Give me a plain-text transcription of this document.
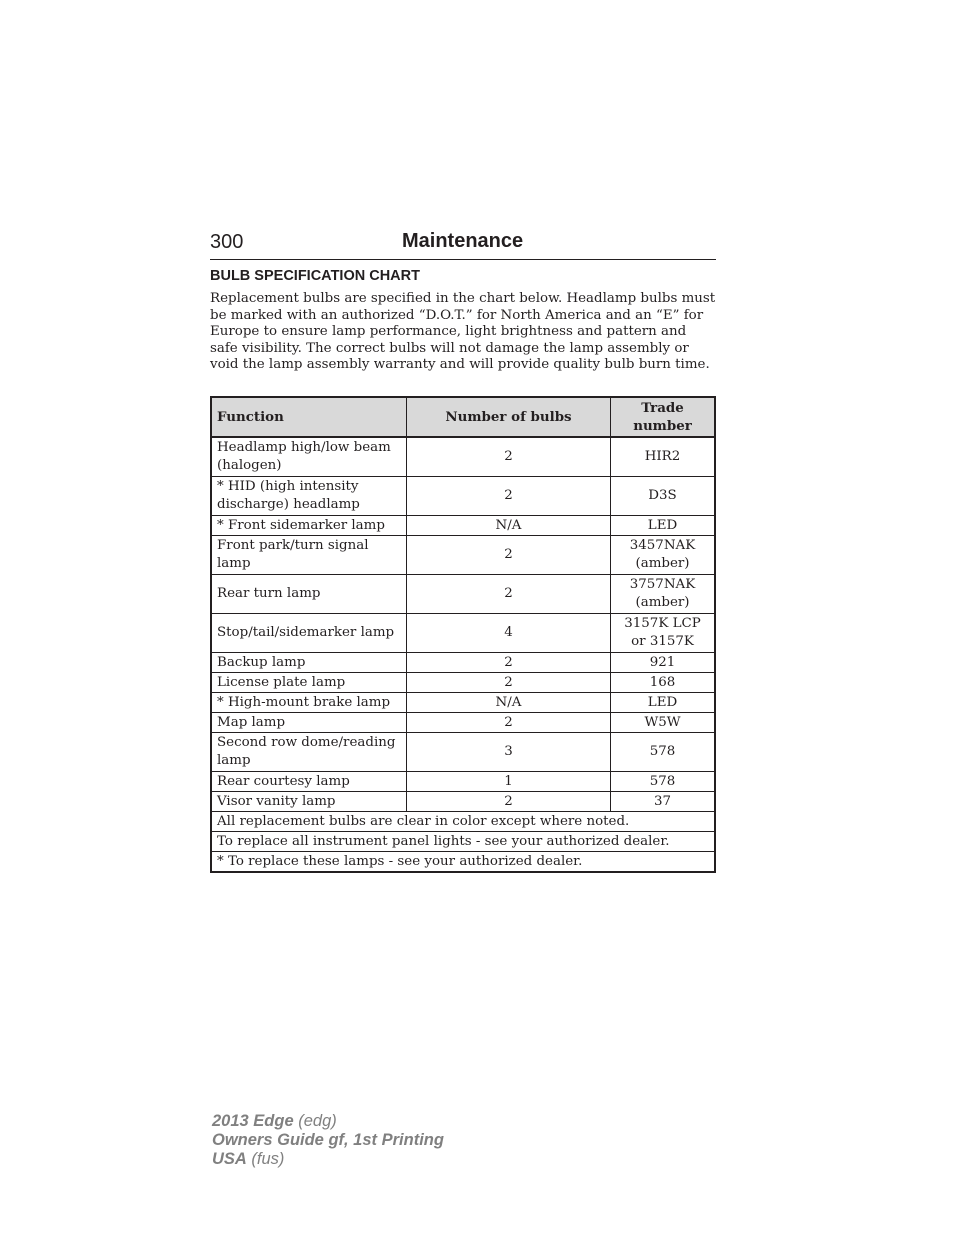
300	Maintenance
BULB SPECIFICATION CHART

Replacement bulbs are specified in the chart below. Headlamp bulbs must be marked with an authorized “D.O.T.” for North America and an “E” for Europe to ensure lamp performance, light brightness and pattern and safe visibility. The correct bulbs will not damage the lamp assembly or void the lamp assembly warranty and will provide quality bulb burn time.

Function	Number of bulbs	Trade number
Headlamp high/low beam (halogen)	2	HIR2
* HID (high intensity discharge) headlamp	2	D3S
* Front sidemarker lamp	N/A	LED
Front park/turn signal lamp	2	3457NAK (amber)
Rear turn lamp	2	3757NAK (amber)
Stop/tail/sidemarker lamp	4	3157K LCP or 3157K
Backup lamp	2	921
License plate lamp	2	168
* High-mount brake lamp	N/A	LED
Map lamp	2	W5W
Second row dome/reading lamp	3	578
Rear courtesy lamp	1	578
Visor vanity lamp	2	37
All replacement bulbs are clear in color except where noted.		
To replace all instrument panel lights - see your authorized dealer.		
* To replace these lamps - see your authorized dealer.		
2013 Edge (edg)
Owners Guide gf, 1st Printing
USA (fus)
